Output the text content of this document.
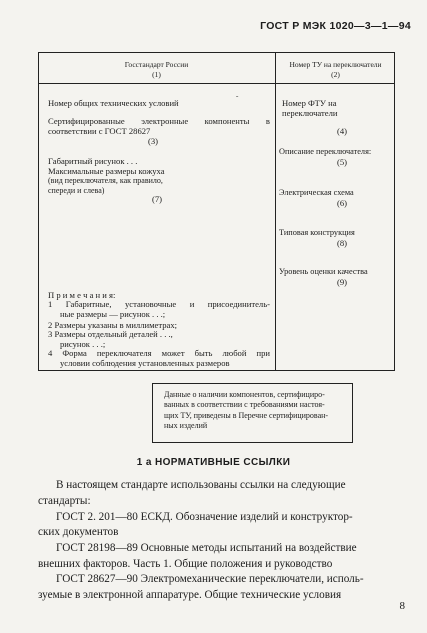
ГОСТ Р МЭК 1020—3—1—94
Госстандарт России
(1)
Номер ТУ на переключатели
(2)
Номер общих технических условий	ˆ
Сертифицированные электронные компоненты в
соответствии с ГОСТ 28627
(3)
Габаритный рисунок . . .
Максимальные размеры кожуха
(вид переключателя, как правило,
спереди и слева)
(7)
П р и м е ч а н и я:
1 Габаритные, установочные и присоединитель-
ные размеры — рисунок . . .;
2 Размеры указаны в миллиметрах;
3 Размеры отдельный деталей . . .,
рисунок . . .;
4 Форма переключателя может быть любой при
условии соблюдения установленных размеров
Номер ФТУ на
переключатели
(4)
Описание переключателя:
(5)
Электрическая схема
(6)
Типовая конструкция
(8)
Уровень оценки качества
(9)
Данные о наличии компонентов, сертифициро-
ванных в соответствии с требованиями настоя-
щих ТУ, приведены в Перечне сертифицирован-
ных изделий
1 а НОРМАТИВНЫЕ ССЫЛКИ
В настоящем стандарте использованы ссылки на следующие
стандарты:
ГОСТ 2. 201—80 ЕСКД. Обозначение изделий и конструктор-
ских документов
ГОСТ 28198—89 Основные методы испытаний на воздействие
внешних факторов. Часть 1. Общие положения и руководство
ГОСТ 28627—90 Электромеханические переключатели, исполь-
зуемые в электронной аппаратуре. Общие технические условия
8
